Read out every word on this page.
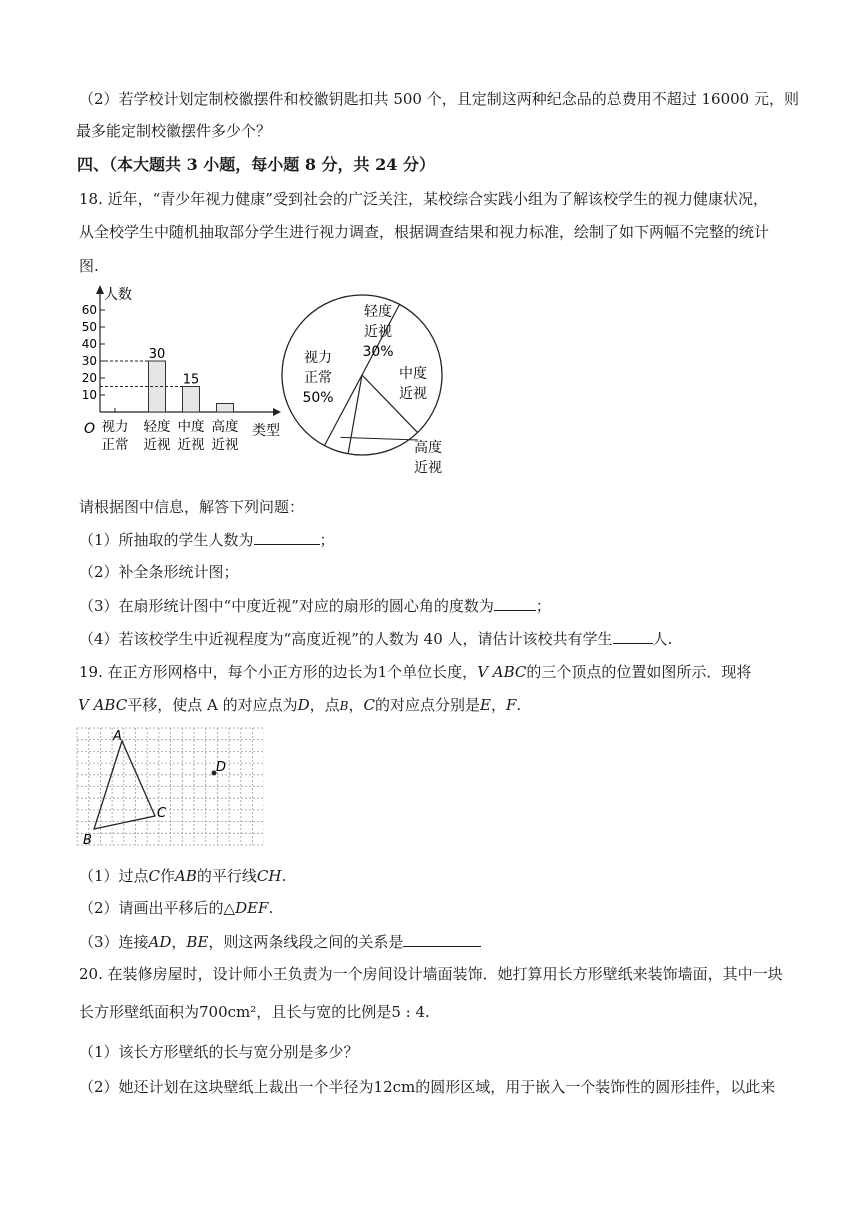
（2）若学校计划定制校徽摆件和校徽钥匙扣共 500 个，且定制这两种纪念品的总费用不超过 16000 元，则
最多能定制校徽摆件多少个？
四、（本大题共 3 小题，每小题 8 分，共 24 分）
18. 近年，“青少年视力健康”受到社会的广泛关注，某校综合实践小组为了解该校学生的视力健康状况，
从全校学生中随机抽取部分学生进行视力调查，根据调查结果和视力标准，绘制了如下两幅不完整的统计
图.
人数
类型
O
10
20
30
40
50
60
视力
正常
轻度
近视
30
中度
近视
15
高度
近视
视力
正常
50%
轻度
近视
30%
中度
近视
高度
近视
请根据图中信息，解答下列问题：
（1）所抽取的学生人数为	；
（2）补全条形统计图；
（3）在扇形统计图中“中度近视”对应的扇形的圆心角的度数为	；
（4）若该校学生中近视程度为“高度近视”的人数为 40 人，请估计该校共有学生	人.
19. 在正方形网格中，每个小正方形的边长为1个单位长度，V ABC的三个顶点的位置如图所示．现将
V ABC平移，使点 A 的对应点为D，点B，C的对应点分别是E，F.
A
B
C
D
（1）过点C作AB的平行线CH.
（2）请画出平移后的△DEF.
（3）连接AD，BE，则这两条线段之间的关系是
20. 在装修房屋时，设计师小王负责为一个房间设计墙面装饰．她打算用长方形壁纸来装饰墙面，其中一块
长方形壁纸面积为700cm²，且长与宽的比例是5 : 4.
（1）该长方形壁纸的长与宽分别是多少？
（2）她还计划在这块壁纸上裁出一个半径为12cm的圆形区域，用于嵌入一个装饰性的圆形挂件，以此来
